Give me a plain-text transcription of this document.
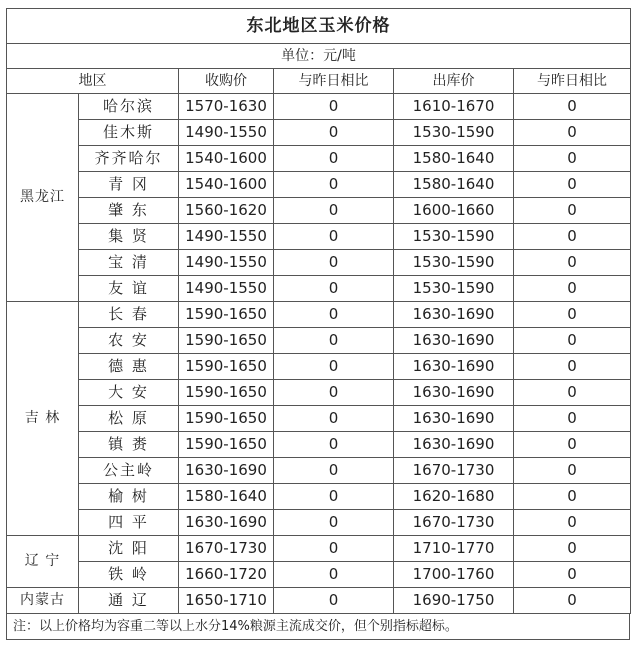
东北地区玉米价格					
单位：元/吨					
地区		收购价	与昨日相比	出库价	与昨日相比
黑龙江	哈尔滨	1570-1630	0	1610-1670	0
	佳木斯	1490-1550	0	1530-1590	0
	齐齐哈尔	1540-1600	0	1580-1640	0
	青 冈	1540-1600	0	1580-1640	0
	肇 东	1560-1620	0	1600-1660	0
	集 贤	1490-1550	0	1530-1590	0
	宝 清	1490-1550	0	1530-1590	0
	友 谊	1490-1550	0	1530-1590	0
吉 林	长 春	1590-1650	0	1630-1690	0
	农 安	1590-1650	0	1630-1690	0
	德 惠	1590-1650	0	1630-1690	0
	大 安	1590-1650	0	1630-1690	0
	松 原	1590-1650	0	1630-1690	0
	镇 赉	1590-1650	0	1630-1690	0
	公主岭	1630-1690	0	1670-1730	0
	榆 树	1580-1640	0	1620-1680	0
	四 平	1630-1690	0	1670-1730	0
辽 宁	沈 阳	1670-1730	0	1710-1770	0
	铁 岭	1660-1720	0	1700-1760	0
内蒙古	通 辽	1650-1710	0	1690-1750	0
注：以上价格均为容重二等以上水分14%粮源主流成交价，但个别指标超标。
